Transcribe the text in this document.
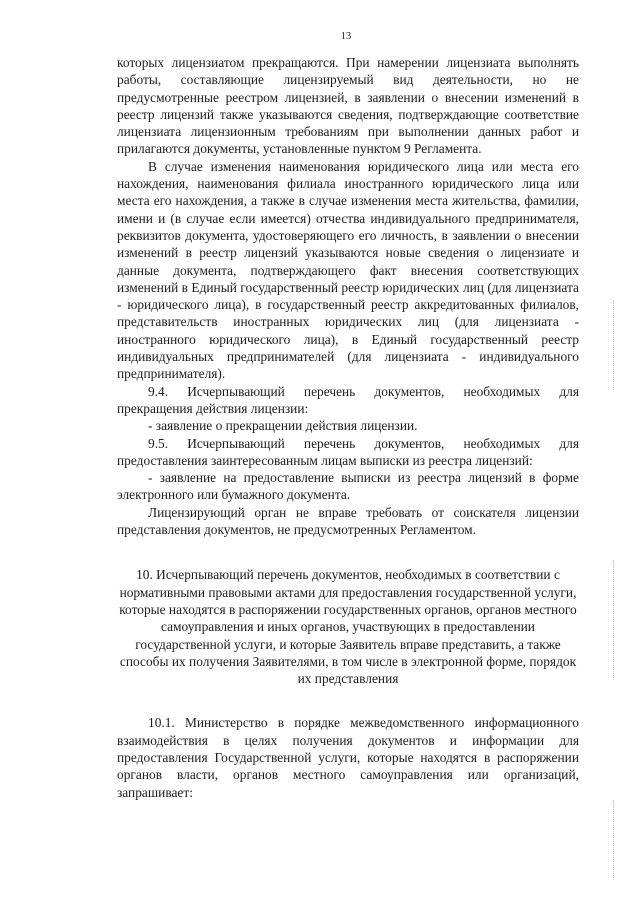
13

которых лицензиатом прекращаются. При намерении лицензиата выполнять работы, составляющие лицензируемый вид деятельности, но не предусмотренные реестром лицензией, в заявлении о внесении изменений в реестр лицензий также указываются сведения, подтверждающие соответствие лицензиата лицензионным требованиям при выполнении данных работ и прилагаются документы, установленные пунктом 9 Регламента.

В случае изменения наименования юридического лица или места его нахождения, наименования филиала иностранного юридического лица или места его нахождения, а также в случае изменения места жительства, фамилии, имени и (в случае если имеется) отчества индивидуального предпринимателя, реквизитов документа, удостоверяющего его личность, в заявлении о внесении изменений в реестр лицензий указываются новые сведения о лицензиате и данные документа, подтверждающего факт внесения соответствующих изменений в Единый государственный реестр юридических лиц (для лицензиата - юридического лица), в государственный реестр аккредитованных филиалов, представительств иностранных юридических лиц (для лицензиата - иностранного юридического лица), в Единый государственный реестр индивидуальных предпринимателей (для лицензиата - индивидуального предпринимателя).

9.4. Исчерпывающий перечень документов, необходимых для прекращения действия лицензии:

- заявление о прекращении действия лицензии.

9.5. Исчерпывающий перечень документов, необходимых для предоставления заинтересованным лицам выписки из реестра лицензий:

- заявление на предоставление выписки из реестра лицензий в форме электронного или бумажного документа.

Лицензирующий орган не вправе требовать от соискателя лицензии представления документов, не предусмотренных Регламентом.

10. Исчерпывающий перечень документов, необходимых в соответствии с нормативными правовыми актами для предоставления государственной услуги, которые находятся в распоряжении государственных органов, органов местного самоуправления и иных органов, участвующих в предоставлении государственной услуги, и которые Заявитель вправе представить, а также способы их получения Заявителями, в том числе в электронной форме, порядок их представления

10.1. Министерство в порядке межведомственного информационного взаимодействия в целях получения документов и информации для предоставления Государственной услуги, которые находятся в распоряжении органов власти, органов местного самоуправления или организаций, запрашивает:
